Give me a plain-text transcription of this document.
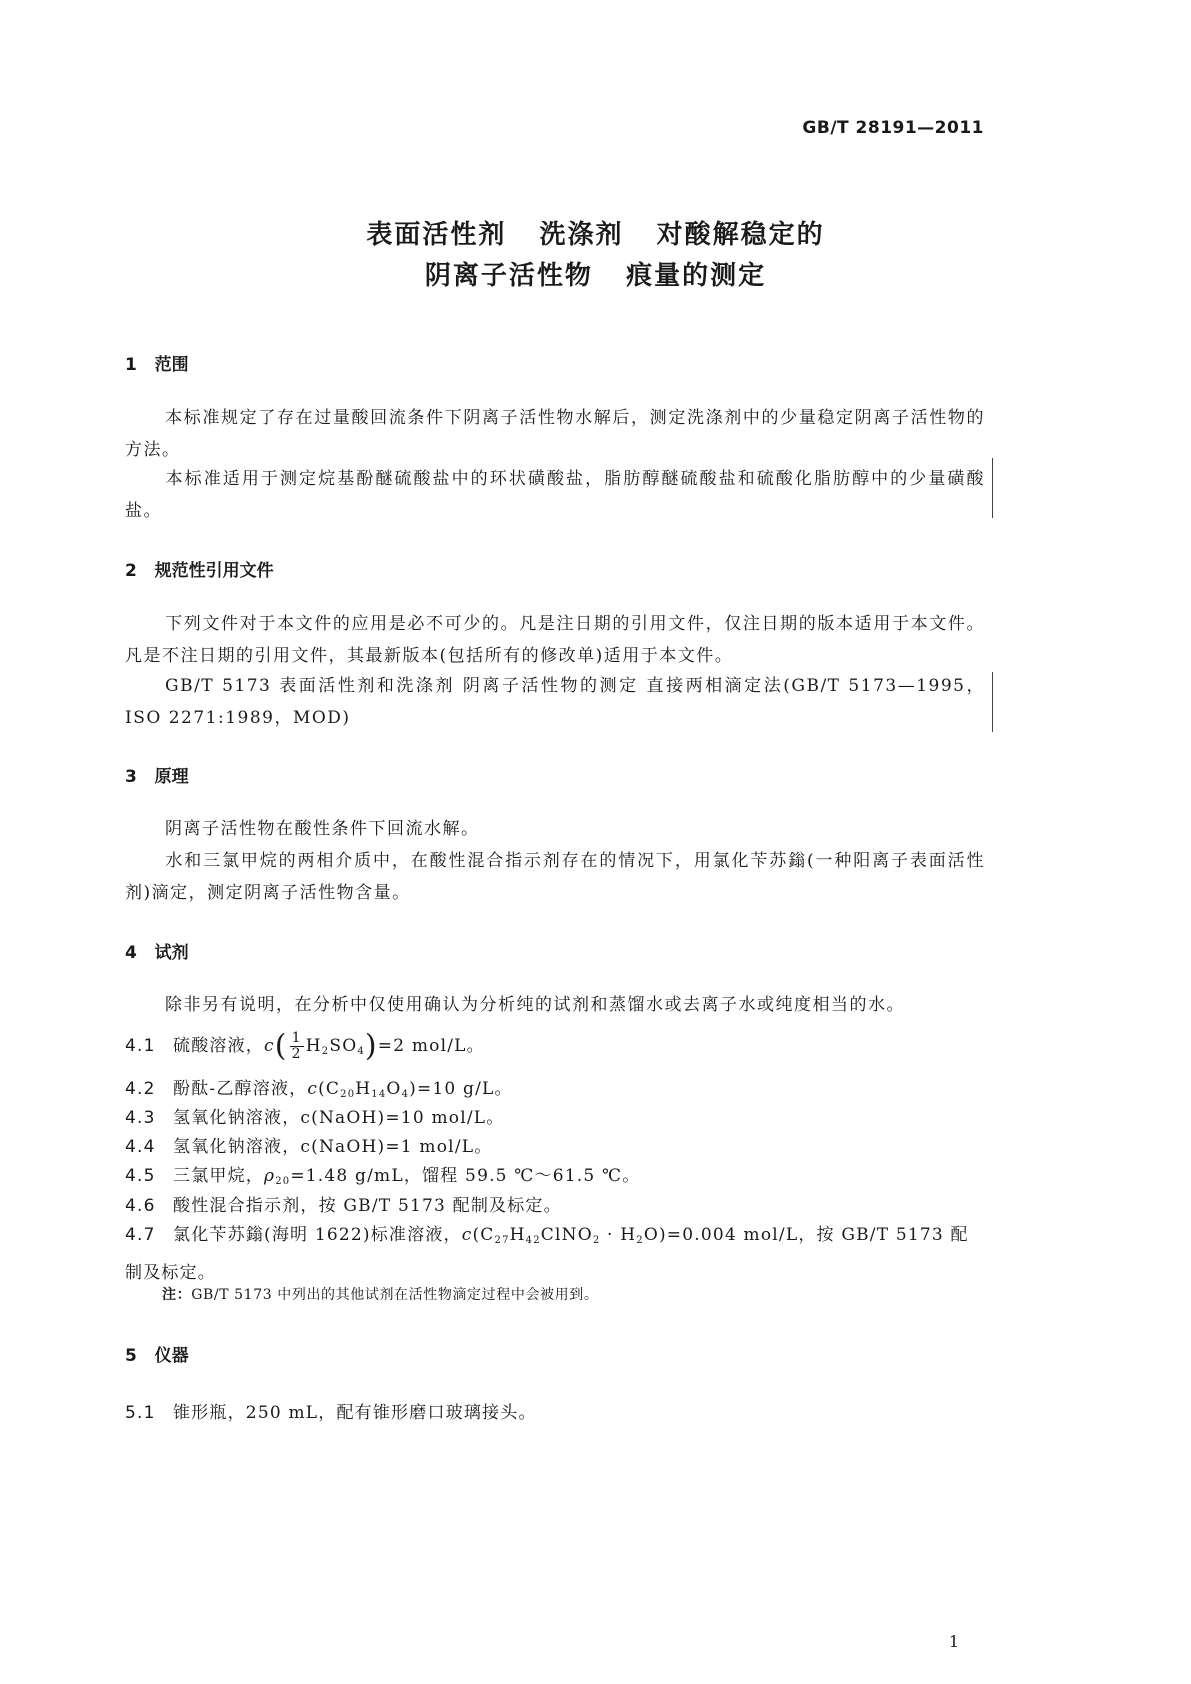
GB/T 28191—2011
表面活性剂   洗涤剂   对酸解稳定的
阴离子活性物   痕量的测定
1   范围
本标准规定了存在过量酸回流条件下阴离子活性物水解后，测定洗涤剂中的少量稳定阴离子活性物的方法。
本标准适用于测定烷基酚醚硫酸盐中的环状磺酸盐，脂肪醇醚硫酸盐和硫酸化脂肪醇中的少量磺酸盐。
2   规范性引用文件
下列文件对于本文件的应用是必不可少的。凡是注日期的引用文件，仅注日期的版本适用于本文件。凡是不注日期的引用文件，其最新版本(包括所有的修改单)适用于本文件。
GB/T 5173 表面活性剂和洗涤剂 阴离子活性物的测定 直接两相滴定法(GB/T 5173—1995，ISO 2271:1989，MOD)
3   原理
阴离子活性物在酸性条件下回流水解。
水和三氯甲烷的两相介质中，在酸性混合指示剂存在的情况下，用氯化苄苏鎓(一种阳离子表面活性剂)滴定，测定阴离子活性物含量。
4   试剂
除非另有说明，在分析中仅使用确认为分析纯的试剂和蒸馏水或去离子水或纯度相当的水。
4.1 硫酸溶液，$c( \frac{1}{2} H_2SO_4)=2$ mol/L。
4.2 酚酞-乙醇溶液，$c(C_{20}H_{14}O_4)=10$ g/L。
4.3 氢氧化钠溶液，c(NaOH)=10 mol/L。
4.4 氢氧化钠溶液，c(NaOH)=1 mol/L。
4.5 三氯甲烷，$\rho_{20}=1.48$ g/mL，馏程 59.5 ℃～61.5 ℃。
4.6 酸性混合指示剂，按 GB/T 5173 配制及标定。
4.7 氯化苄苏鎓(海明 1622)标准溶液，$c(C_{27}H_{42}ClNO_2 \cdot H_2O)=0.004$ mol/L，按 GB/T 5173 配制及标定。
注：GB/T 5173 中列出的其他试剂在活性物滴定过程中会被用到。
5   仪器
5.1 锥形瓶，250 mL，配有锥形磨口玻璃接头。
1
